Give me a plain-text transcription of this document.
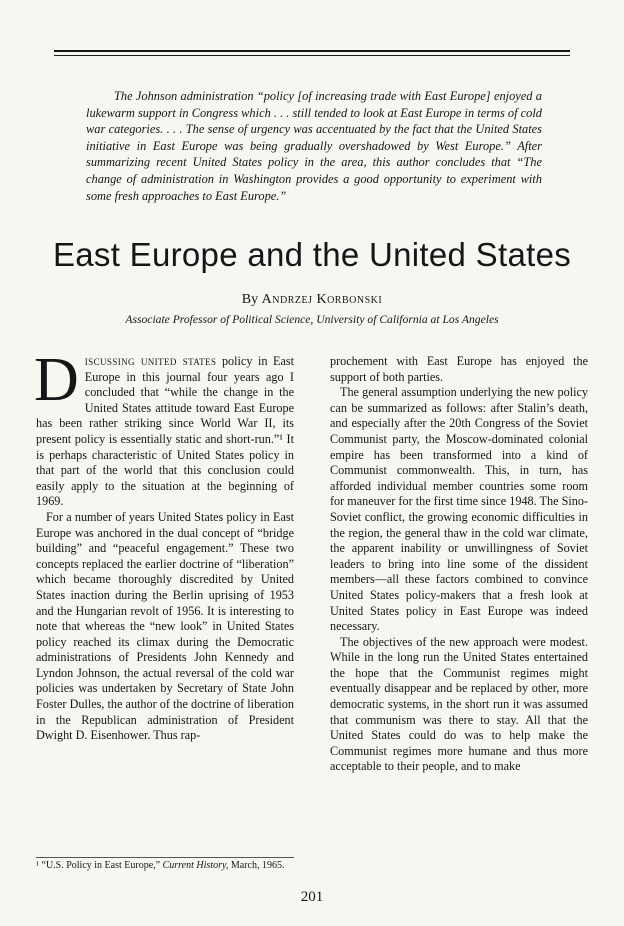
The Johnson administration “policy [of increasing trade with East Europe] enjoyed a lukewarm support in Congress which . . . still tended to look at East Europe in terms of cold war categories. . . . The sense of urgency was accentuated by the fact that the United States initiative in East Europe was being gradually overshadowed by West Europe.” After summarizing recent United States policy in the area, this author concludes that “The change of administration in Washington provides a good opportunity to experiment with some fresh approaches to East Europe.”

East Europe and the United States
By Andrzej Korbonski
Associate Professor of Political Science, University of California at Los Angeles

Discussing united states policy in East Europe in this journal four years ago I concluded that “while the change in the United States attitude toward East Europe has been rather striking since World War II, its present policy is essentially static and short-run.”¹ It is perhaps characteristic of United States policy in that part of the world that this conclusion could easily apply to the situation at the beginning of 1969.

For a number of years United States policy in East Europe was anchored in the dual concept of “bridge building” and “peaceful engagement.” These two concepts replaced the earlier doctrine of “liberation” which became thoroughly discredited by United States inaction during the Berlin uprising of 1953 and the Hungarian revolt of 1956. It is interesting to note that whereas the “new look” in United States policy reached its climax during the Democratic administrations of Presidents John Kennedy and Lyndon Johnson, the actual reversal of the cold war policies was undertaken by Secretary of State John Foster Dulles, the author of the doctrine of liberation in the Republican administration of President Dwight D. Eisenhower. Thus rap-

¹ “U.S. Policy in East Europe,” Current History, March, 1965.

prochement with East Europe has enjoyed the support of both parties.

The general assumption underlying the new policy can be summarized as follows: after Stalin’s death, and especially after the 20th Congress of the Soviet Communist party, the Moscow-dominated colonial empire has been transformed into a kind of Communist commonwealth. This, in turn, has afforded individual member countries some room for maneuver for the first time since 1948. The Sino-Soviet conflict, the growing economic difficulties in the region, the general thaw in the cold war climate, the apparent inability or unwillingness of Soviet leaders to bring into line some of the dissident members—all these factors combined to convince United States policy-makers that a fresh look at United States policy in East Europe was indeed necessary.

The objectives of the new approach were modest. While in the long run the United States entertained the hope that the Communist regimes might eventually disappear and be replaced by other, more democratic systems, in the short run it was assumed that communism was there to stay. All that the United States could do was to help make the Communist regimes more humane and thus more acceptable to their people, and to make

201
